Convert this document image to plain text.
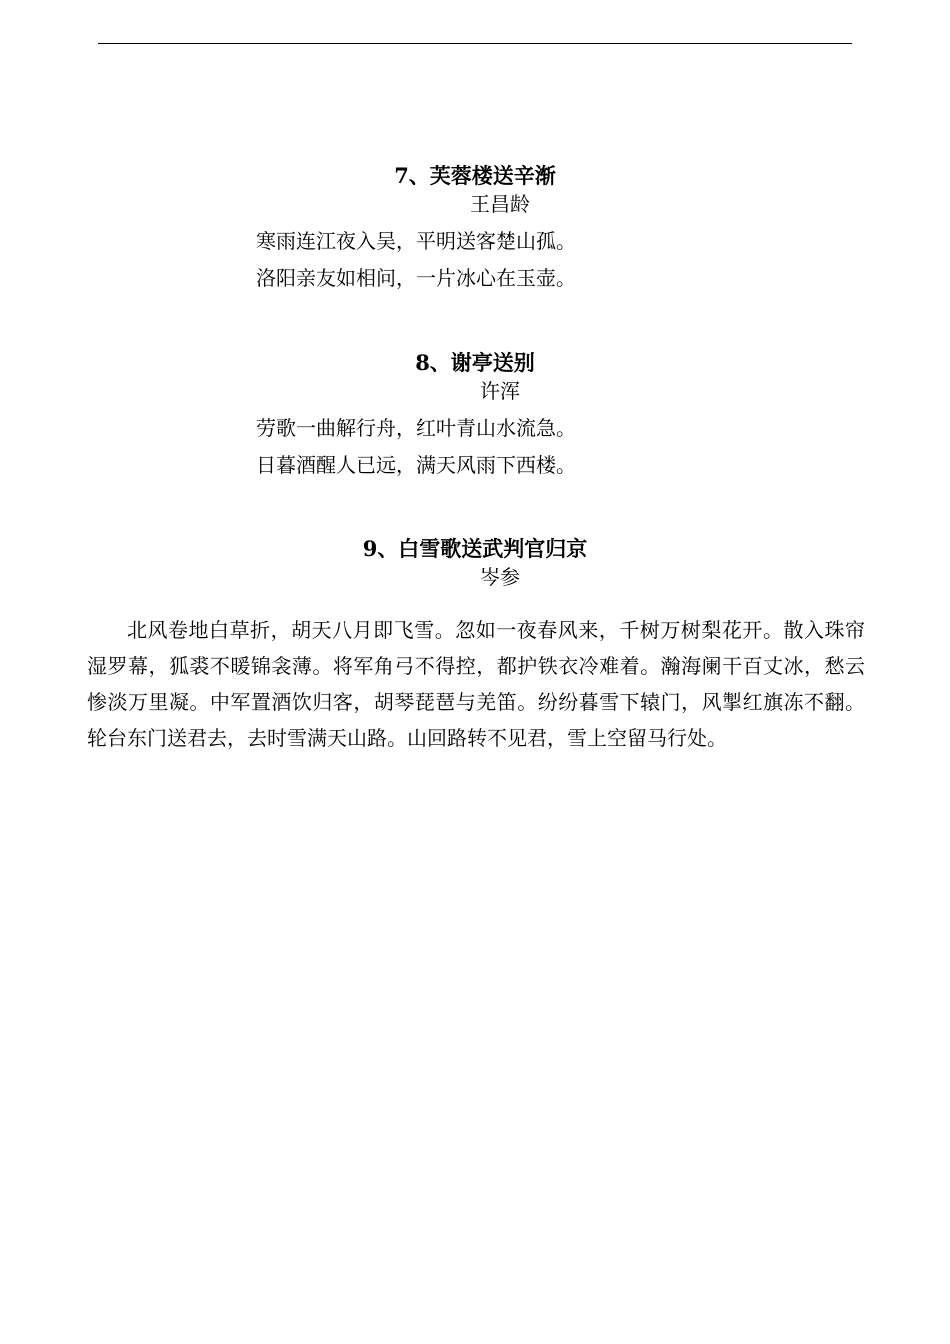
7、芙蓉楼送辛渐
王昌龄
寒雨连江夜入吴，平明送客楚山孤。
洛阳亲友如相问，一片冰心在玉壶。
8、谢亭送别
许浑
劳歌一曲解行舟，红叶青山水流急。
日暮酒醒人已远，满天风雨下西楼。
9、白雪歌送武判官归京
岑参

北风卷地白草折，胡天八月即飞雪。忽如一夜春风来，千树万树梨花开。散入珠帘湿罗幕，狐裘不暖锦衾薄。将军角弓不得控，都护铁衣冷难着。瀚海阑干百丈冰，愁云惨淡万里凝。中军置酒饮归客，胡琴琵琶与羌笛。纷纷暮雪下辕门，风掣红旗冻不翻。轮台东门送君去，去时雪满天山路。山回路转不见君，雪上空留马行处。
